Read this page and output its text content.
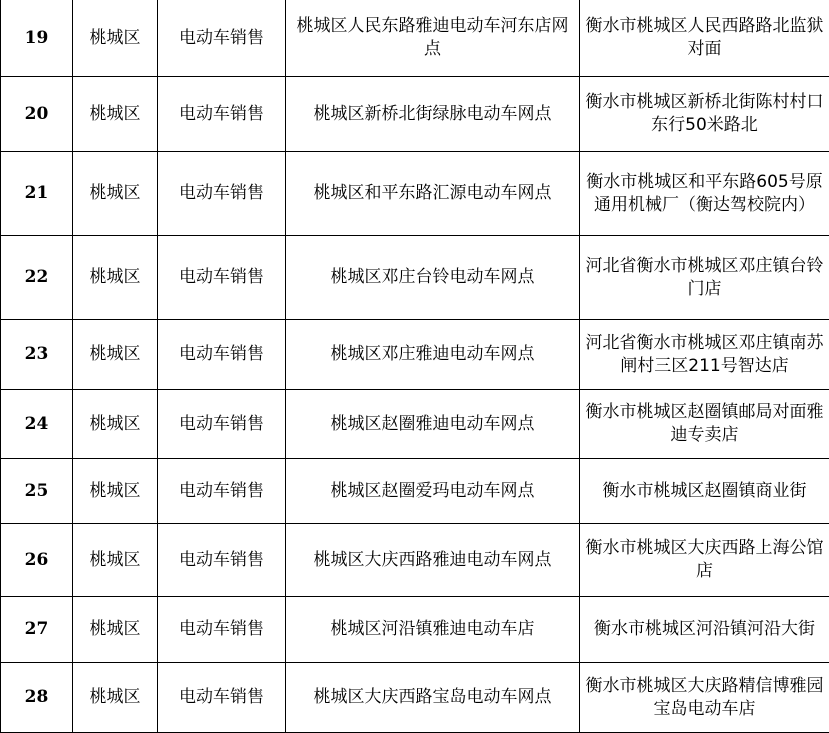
19	桃城区	电动车销售	桃城区人民东路雅迪电动车河东店网点	衡水市桃城区人民西路路北监狱对面
20	桃城区	电动车销售	桃城区新桥北街绿脉电动车网点	衡水市桃城区新桥北街陈村村口东行50米路北
21	桃城区	电动车销售	桃城区和平东路汇源电动车网点	衡水市桃城区和平东路605号原通用机械厂（衡达驾校院内）
22	桃城区	电动车销售	桃城区邓庄台铃电动车网点	河北省衡水市桃城区邓庄镇台铃门店
23	桃城区	电动车销售	桃城区邓庄雅迪电动车网点	河北省衡水市桃城区邓庄镇南苏闸村三区211号智达店
24	桃城区	电动车销售	桃城区赵圈雅迪电动车网点	衡水市桃城区赵圈镇邮局对面雅迪专卖店
25	桃城区	电动车销售	桃城区赵圈爱玛电动车网点	衡水市桃城区赵圈镇商业街
26	桃城区	电动车销售	桃城区大庆西路雅迪电动车网点	衡水市桃城区大庆西路上海公馆店
27	桃城区	电动车销售	桃城区河沿镇雅迪电动车店	衡水市桃城区河沿镇河沿大街
28	桃城区	电动车销售	桃城区大庆西路宝岛电动车网点	衡水市桃城区大庆路精信博雅园宝岛电动车店
